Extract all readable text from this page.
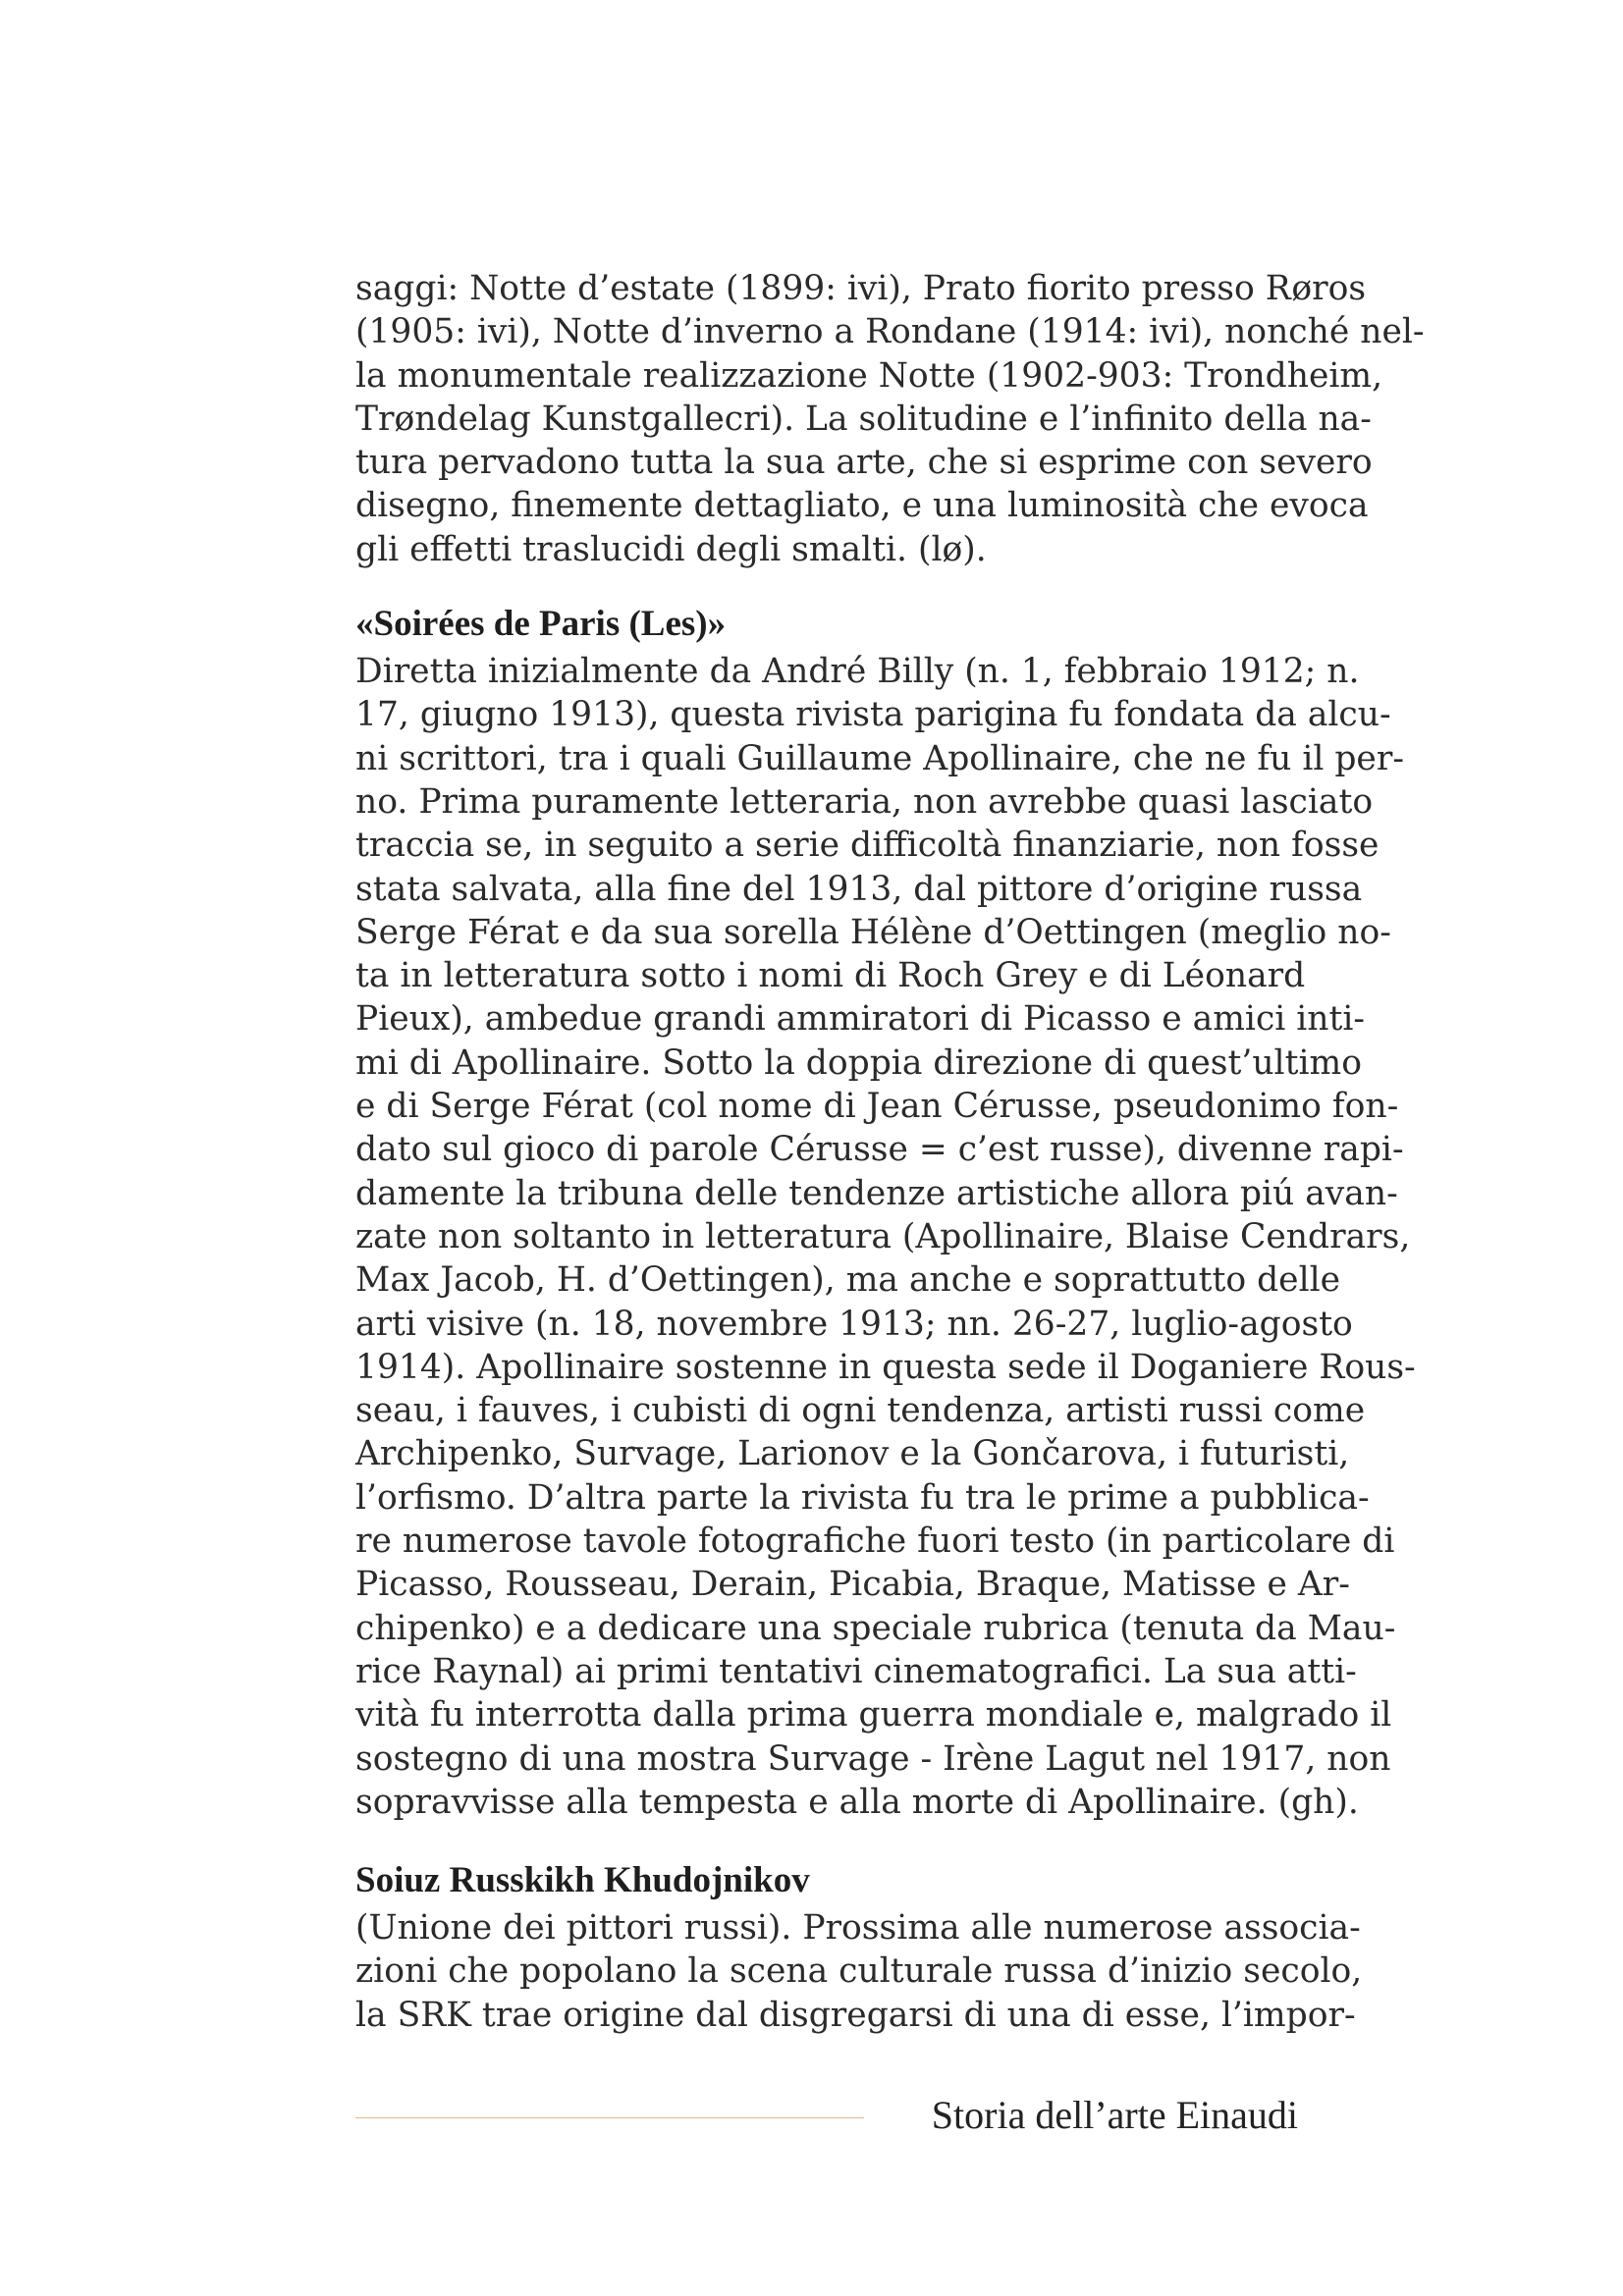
saggi: Notte d’estate (1899: ivi), Prato fiorito presso Røros
(1905: ivi), Notte d’inverno a Rondane (1914: ivi), nonché nel-
la monumentale realizzazione Notte (1902-903: Trondheim,
Trøndelag Kunstgallecri). La solitudine e l’infinito della na-
tura pervadono tutta la sua arte, che si esprime con severo
disegno, finemente dettagliato, e una luminosità che evoca
gli effetti traslucidi degli smalti. (lø).
«Soirées de Paris (Les)»
Diretta inizialmente da André Billy (n. 1, febbraio 1912; n.
17, giugno 1913), questa rivista parigina fu fondata da alcu-
ni scrittori, tra i quali Guillaume Apollinaire, che ne fu il per-
no. Prima puramente letteraria, non avrebbe quasi lasciato
traccia se, in seguito a serie difficoltà finanziarie, non fosse
stata salvata, alla fine del 1913, dal pittore d’origine russa
Serge Férat e da sua sorella Hélène d’Oettingen (meglio no-
ta in letteratura sotto i nomi di Roch Grey e di Léonard
Pieux), ambedue grandi ammiratori di Picasso e amici inti-
mi di Apollinaire. Sotto la doppia direzione di quest’ultimo
e di Serge Férat (col nome di Jean Cérusse, pseudonimo fon-
dato sul gioco di parole Cérusse = c’est russe), divenne rapi-
damente la tribuna delle tendenze artistiche allora piú avan-
zate non soltanto in letteratura (Apollinaire, Blaise Cendrars,
Max Jacob, H. d’Oettingen), ma anche e soprattutto delle
arti visive (n. 18, novembre 1913; nn. 26-27, luglio-agosto
1914). Apollinaire sostenne in questa sede il Doganiere Rous-
seau, i fauves, i cubisti di ogni tendenza, artisti russi come
Archipenko, Survage, Larionov e la Gončarova, i futuristi,
l’orfismo. D’altra parte la rivista fu tra le prime a pubblica-
re numerose tavole fotografiche fuori testo (in particolare di
Picasso, Rousseau, Derain, Picabia, Braque, Matisse e Ar-
chipenko) e a dedicare una speciale rubrica (tenuta da Mau-
rice Raynal) ai primi tentativi cinematografici. La sua atti-
vità fu interrotta dalla prima guerra mondiale e, malgrado il
sostegno di una mostra Survage - Irène Lagut nel 1917, non
sopravvisse alla tempesta e alla morte di Apollinaire. (gh).
Soiuz Russkikh Khudojnikov
(Unione dei pittori russi). Prossima alle numerose associa-
zioni che popolano la scena culturale russa d’inizio secolo,
la SRK trae origine dal disgregarsi di una di esse, l’impor-
Storia dell’arte Einaudi
